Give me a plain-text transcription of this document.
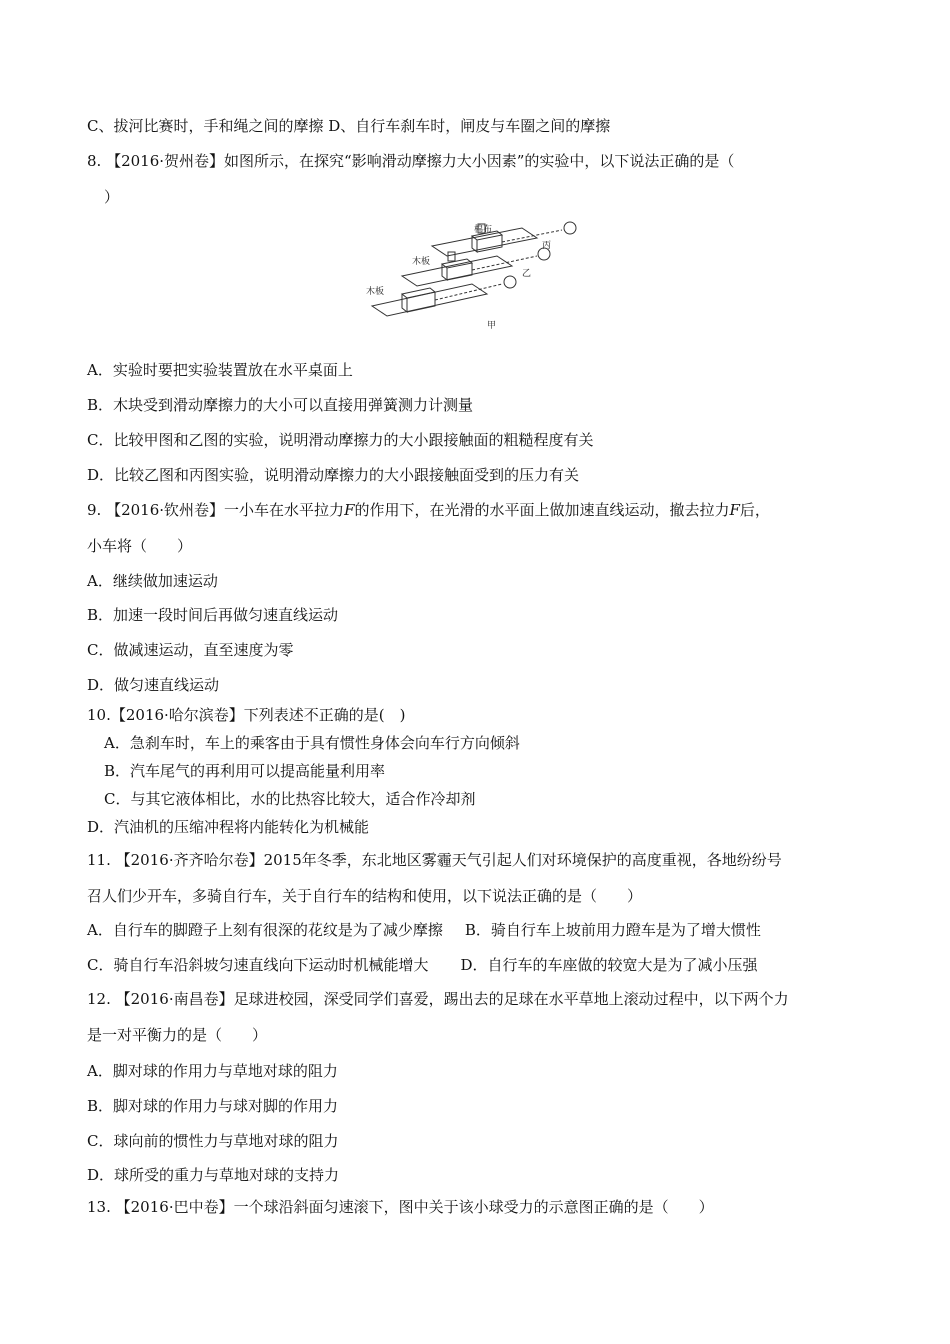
C、拔河比赛时，手和绳之间的摩擦 D、自行车刹车时，闸皮与车圈之间的摩擦
8. 【2016·贺州卷】如图所示，在探究“影响滑动摩擦力大小因素”的实验中，以下说法正确的是（
）
棉布
木板
木板
丙
乙
甲
A．实验时要把实验装置放在水平桌面上
B．木块受到滑动摩擦力的大小可以直接用弹簧测力计测量
C．比较甲图和乙图的实验，说明滑动摩擦力的大小跟接触面的粗糙程度有关
D．比较乙图和丙图实验，说明滑动摩擦力的大小跟接触面受到的压力有关
9. 【2016·钦州卷】一小车在水平拉力F的作用下，在光滑的水平面上做加速直线运动，撤去拉力F后，
小车将（　　）
A．继续做加速运动
B．加速一段时间后再做匀速直线运动
C．做减速运动，直至速度为零
D．做匀速直线运动
10.【2016·哈尔滨卷】下列表述不正确的是(　)
A．急刹车时，车上的乘客由于具有惯性身体会向车行方向倾斜
B．汽车尾气的再利用可以提高能量利用率
C．与其它液体相比，水的比热容比较大，适合作冷却剂
D．汽油机的压缩冲程将内能转化为机械能
11. 【2016·齐齐哈尔卷】2015年冬季，东北地区雾霾天气引起人们对环境保护的高度重视，各地纷纷号
召人们少开车，多骑自行车，关于自行车的结构和使用，以下说法正确的是（　　）
A．自行车的脚蹬子上刻有很深的花纹是为了减少摩擦 B．骑自行车上坡前用力蹬车是为了增大惯性
C．骑自行车沿斜坡匀速直线向下运动时机械能增大 D．自行车的车座做的较宽大是为了减小压强
12. 【2016·南昌卷】足球进校园，深受同学们喜爱，踢出去的足球在水平草地上滚动过程中，以下两个力
是一对平衡力的是（　　）
A．脚对球的作用力与草地对球的阻力
B．脚对球的作用力与球对脚的作用力
C．球向前的惯性力与草地对球的阻力
D．球所受的重力与草地对球的支持力
13. 【2016·巴中卷】一个球沿斜面匀速滚下，图中关于该小球受力的示意图正确的是（　　）
